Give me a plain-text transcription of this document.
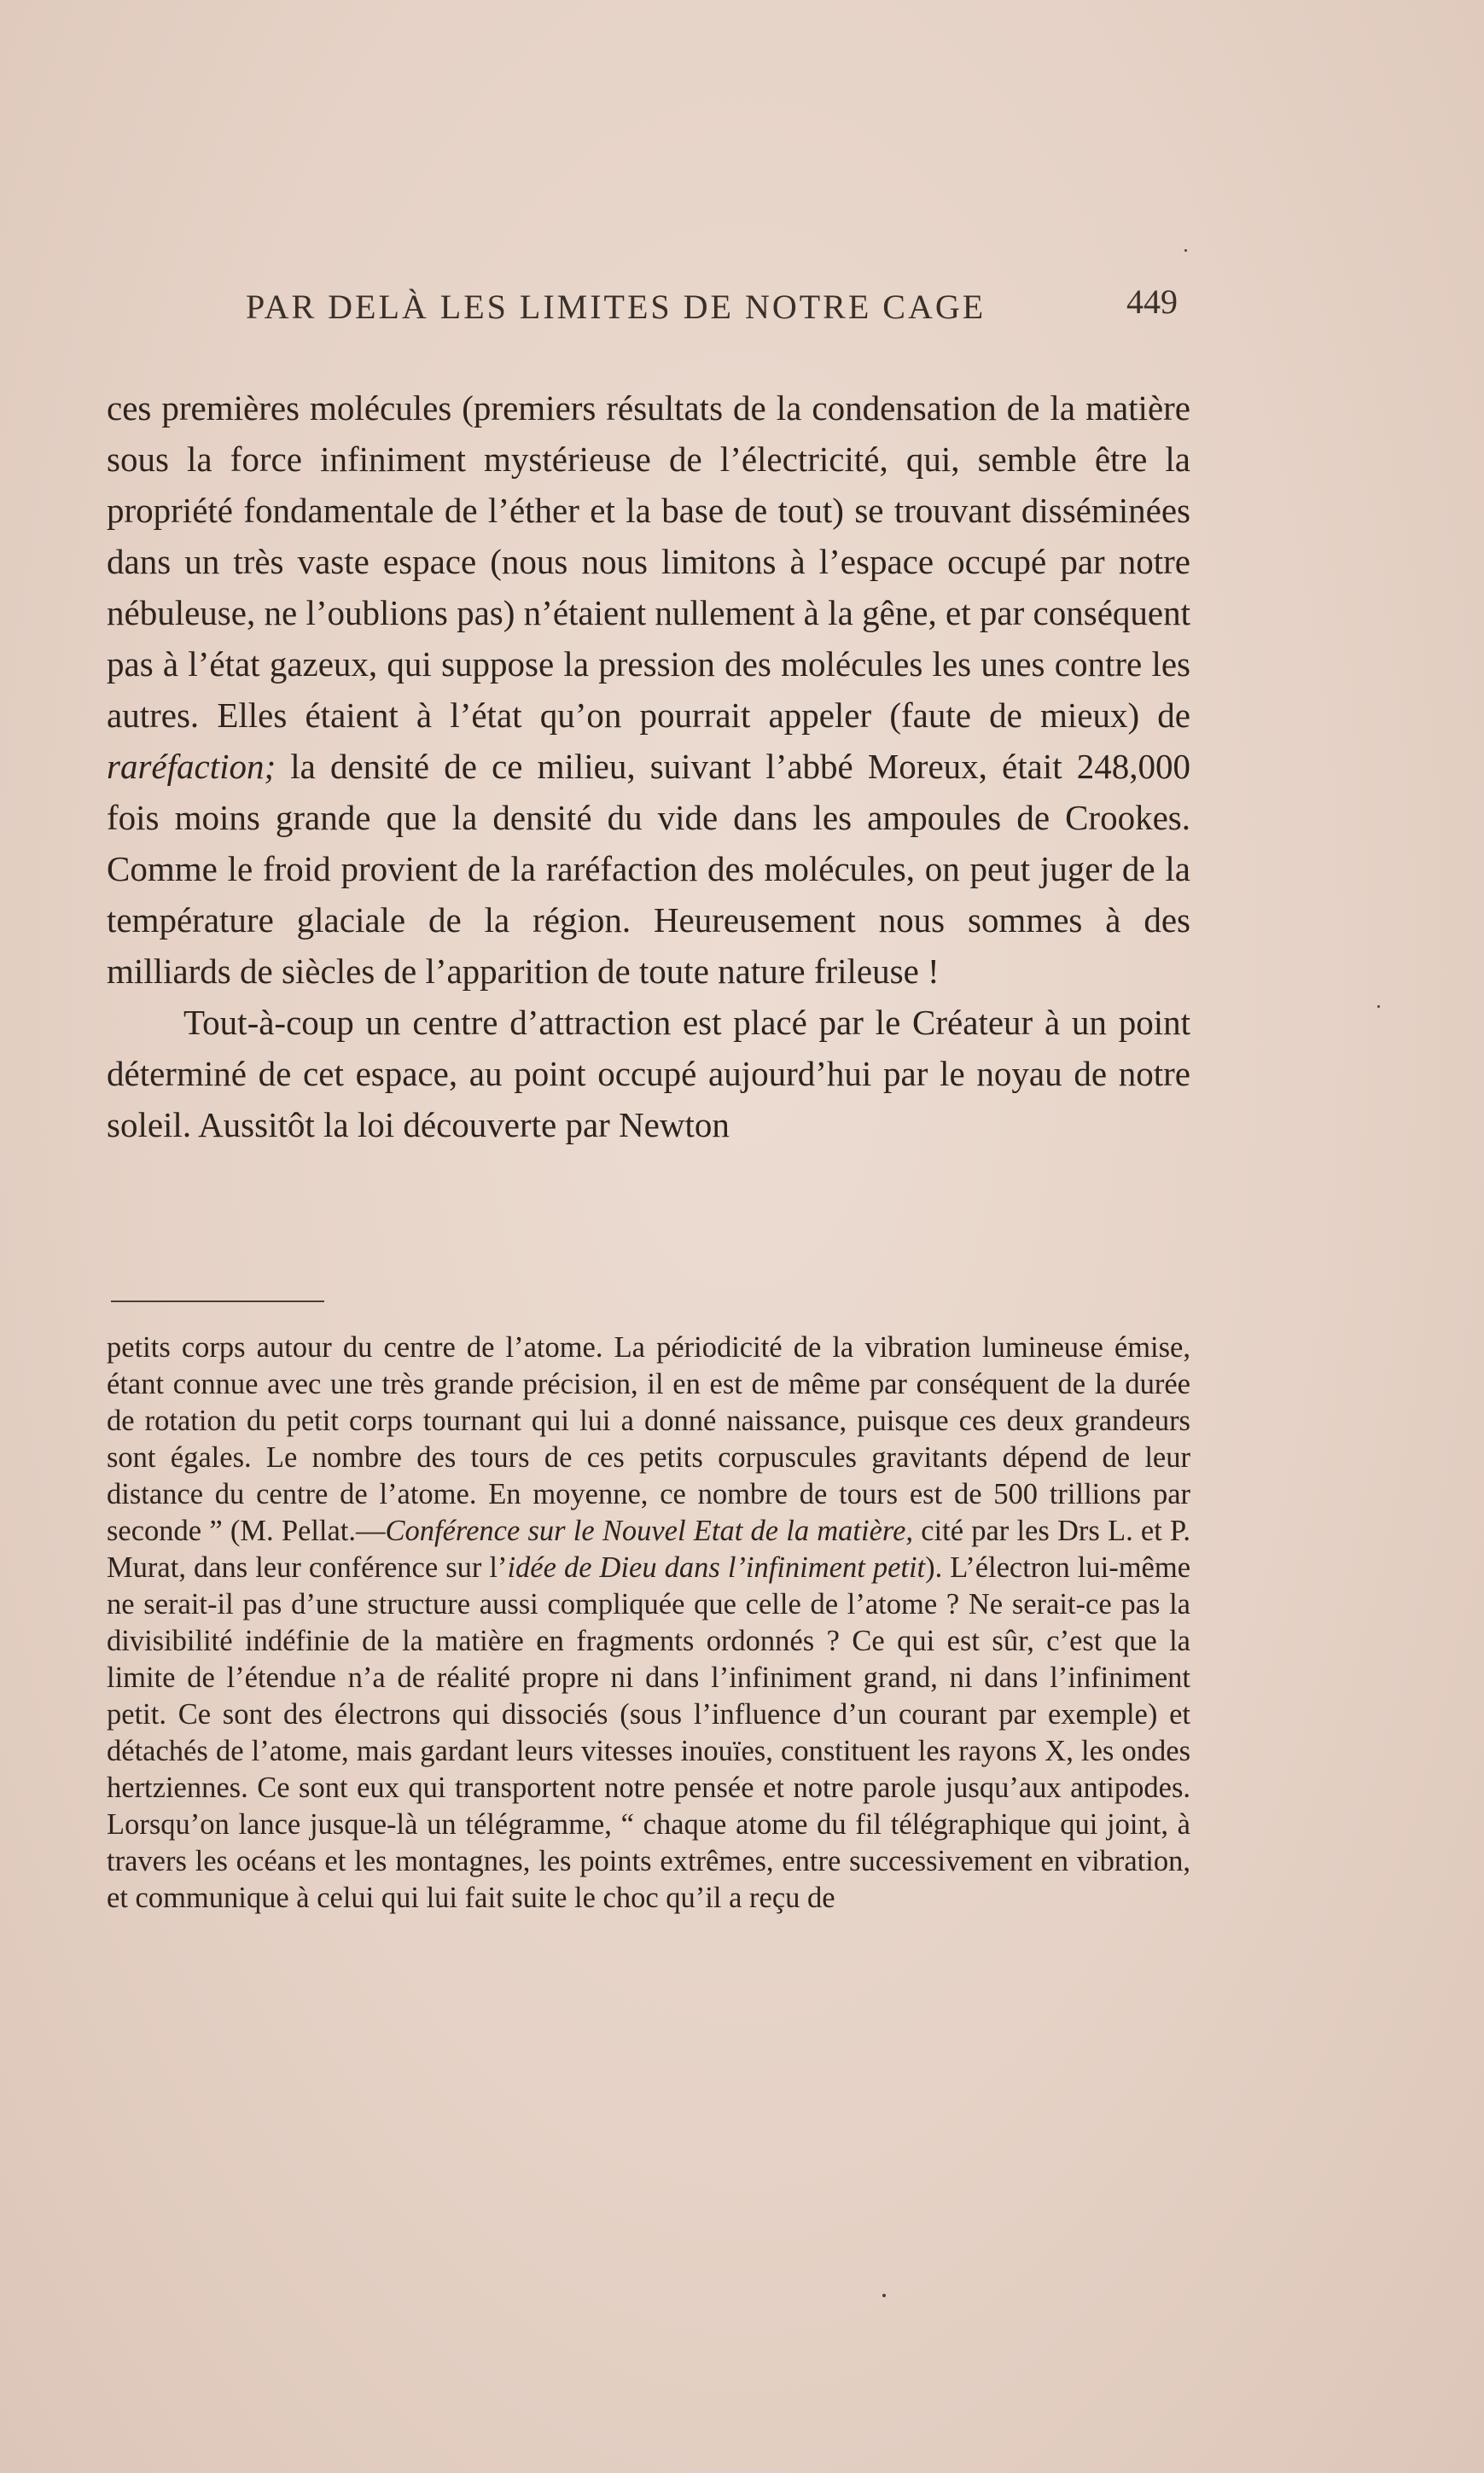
PAR DELÀ LES LIMITES DE NOTRE CAGE	449

ces premières molécules (premiers résultats de la condensation de la matière sous la force infiniment mystérieuse de l’électricité, qui, semble être la propriété fondamentale de l’éther et la base de tout) se trouvant disséminées dans un très vaste espace (nous nous limitons à l’espace occupé par notre nébuleuse, ne l’oublions pas) n’étaient nullement à la gêne, et par conséquent pas à l’état gazeux, qui suppose la pression des molécules les unes contre les autres. Elles étaient à l’état qu’on pourrait appeler (faute de mieux) de raréfaction; la densité de ce milieu, suivant l’abbé Moreux, était 248,000 fois moins grande que la densité du vide dans les ampoules de Crookes. Comme le froid provient de la raréfaction des molécules, on peut juger de la température glaciale de la région. Heureusement nous sommes à des milliards de siècles de l’apparition de toute nature frileuse !

Tout-à-coup un centre d’attraction est placé par le Créateur à un point déterminé de cet espace, au point occupé aujourd’hui par le noyau de notre soleil. Aussitôt la loi découverte par Newton

petits corps autour du centre de l’atome. La périodicité de la vibration lumineuse émise, étant connue avec une très grande précision, il en est de même par conséquent de la durée de rotation du petit corps tournant qui lui a donné naissance, puisque ces deux grandeurs sont égales. Le nombre des tours de ces petits corpuscules gravitants dépend de leur distance du centre de l’atome. En moyenne, ce nombre de tours est de 500 trillions par seconde ” (M. Pellat.—Conférence sur le Nouvel Etat de la matière, cité par les Drs L. et P. Murat, dans leur conférence sur l’idée de Dieu dans l’infiniment petit). L’électron lui-même ne serait-il pas d’une structure aussi compliquée que celle de l’atome ? Ne serait-ce pas la divisibilité indéfinie de la matière en fragments ordonnés ? Ce qui est sûr, c’est que la limite de l’étendue n’a de réalité propre ni dans l’infiniment grand, ni dans l’infiniment petit. Ce sont des électrons qui dissociés (sous l’influence d’un courant par exemple) et détachés de l’atome, mais gardant leurs vitesses inouïes, constituent les rayons X, les ondes hertziennes. Ce sont eux qui transportent notre pensée et notre parole jusqu’aux antipodes. Lorsqu’on lance jusque-là un télégramme, “ chaque atome du fil télégraphique qui joint, à travers les océans et les montagnes, les points extrêmes, entre successivement en vibration, et communique à celui qui lui fait suite le choc qu’il a reçu de
